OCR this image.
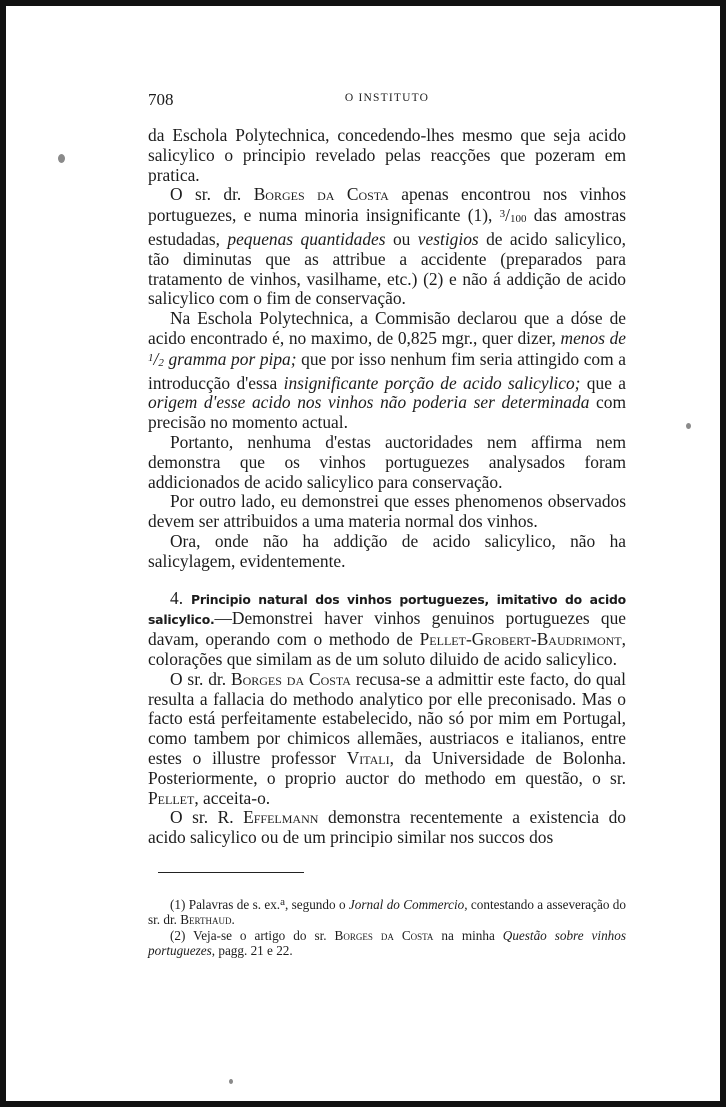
708	O INSTITUTO

da Eschola Polytechnica, concedendo-lhes mesmo que seja acido salicylico o principio revelado pelas reacções que pozeram em pratica.

O sr. dr. Borges da Costa apenas encontrou nos vinhos portuguezes, e numa minoria insignificante (1), $^3$/100 das amostras estudadas, pequenas quantidades ou vestigios de acido salicylico, tão diminutas que as attribue a accidente (preparados para tratamento de vinhos, vasilhame, etc.) (2) e não á addição de acido salicylico com o fim de conservação.

Na Eschola Polytechnica, a Commisão declarou que a dóse de acido encontrado é, no maximo, de 0,825 mgr., quer dizer, menos de $^1$/2 gramma por pipa; que por isso nenhum fim seria attingido com a introducção d'essa insignificante porção de acido salicylico; que a origem d'esse acido nos vinhos não poderia ser determinada com precisão no momento actual.

Portanto, nenhuma d'estas auctoridades nem affirma nem demonstra que os vinhos portuguezes analysados foram addicionados de acido salicylico para conservação.

Por outro lado, eu demonstrei que esses phenomenos observados devem ser attribuidos a uma materia normal dos vinhos.

Ora, onde não ha addição de acido salicylico, não ha salicylagem, evidentemente.

4. Principio natural dos vinhos portuguezes, imitativo do acido salicylico.—Demonstrei haver vinhos genuinos portuguezes que davam, operando com o methodo de Pellet-Grobert-Baudrimont, colorações que similam as de um soluto diluido de acido salicylico.

O sr. dr. Borges da Costa recusa-se a admittir este facto, do qual resulta a fallacia do methodo analytico por elle preconisado. Mas o facto está perfeitamente estabelecido, não só por mim em Portugal, como tambem por chimicos allemães, austriacos e italianos, entre estes o illustre professor Vitali, da Universidade de Bolonha. Posteriormente, o proprio auctor do methodo em questão, o sr. Pellet, acceita-o.

O sr. R. Effelmann demonstra recentemente a existencia do acido salicylico ou de um principio similar nos succos dos

(1) Palavras de s. ex.$^a$, segundo o Jornal do Commercio, contestando a asseveração do sr. dr. Berthaud.

(2) Veja-se o artigo do sr. Borges da Costa na minha Questão sobre vinhos portuguezes, pagg. 21 e 22.
